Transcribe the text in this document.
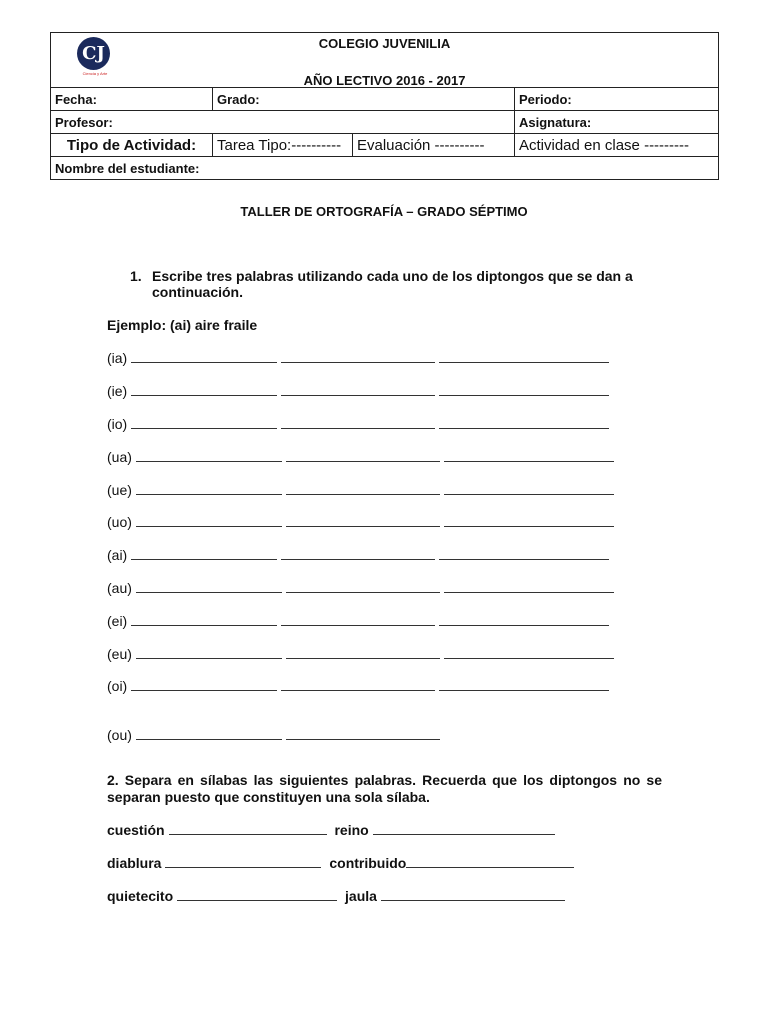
CJ
Ciencia y Arte
COLEGIO JUVENILIA
AÑO LECTIVO 2016 - 2017			

Fecha:	Grado:		Periodo:
Profesor:			Asignatura:
Tipo de Actividad:	Tarea Tipo:----------	Evaluación ----------	Actividad en clase ---------
Nombre del estudiante:			
TALLER DE ORTOGRAFÍA – GRADO SÉPTIMO
1. Escribe tres palabras utilizando cada uno de los diptongos que se dan a continuación.
Ejemplo: (ai) aire fraile
(ia)
(ie)
(io)
(ua)
(ue)
(uo)
(ai)
(au)
(ei)
(eu)
(oi)
(ou)
2. Separa en sílabas las siguientes palabras. Recuerda que los diptongos no se separan puesto que constituyen una sola sílaba.
cuestión	reino
diablura	contribuido
quietecito	jaula
